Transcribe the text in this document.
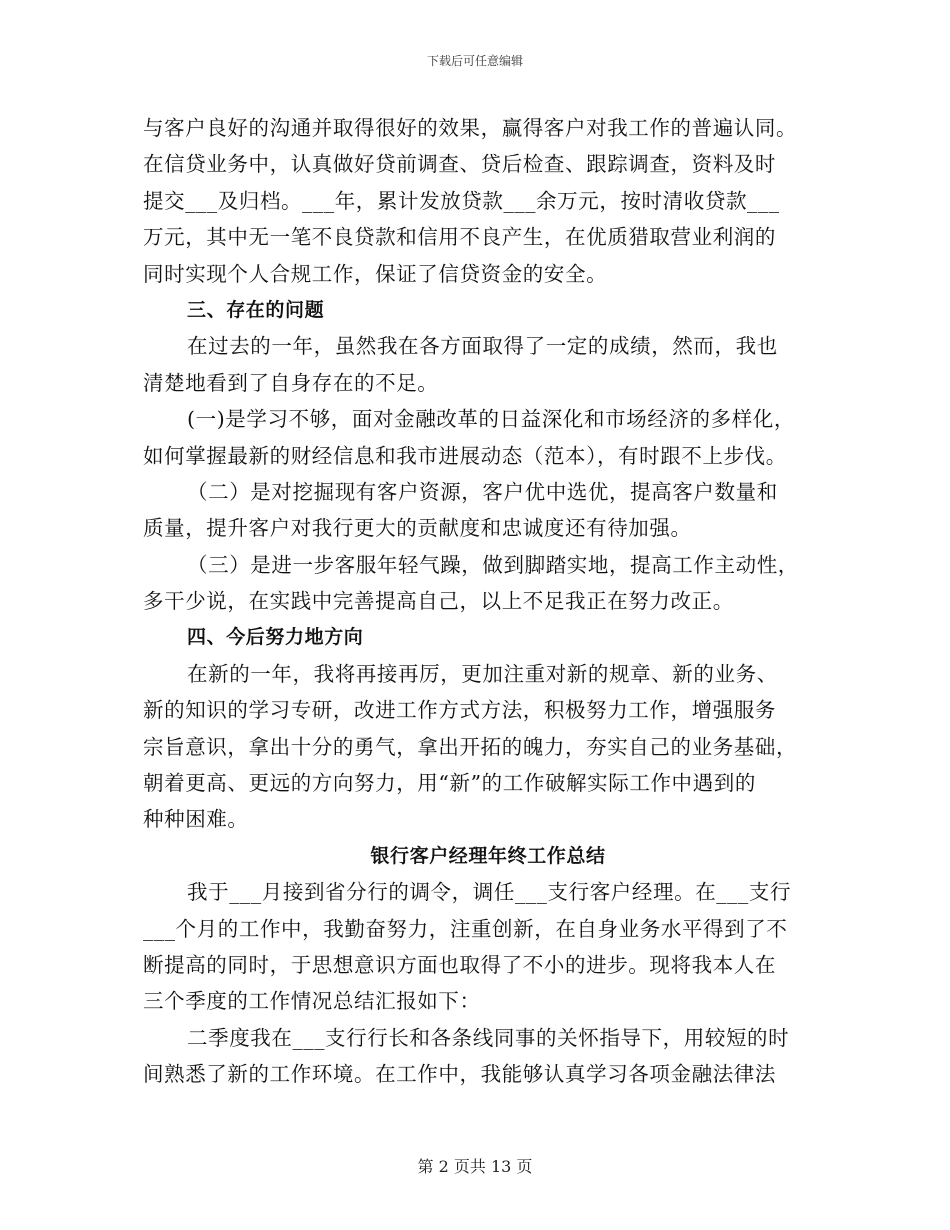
下载后可任意编辑
与客户良好的沟通并取得很好的效果，赢得客户对我工作的普遍认同。
在信贷业务中，认真做好贷前调查、贷后检查、跟踪调查，资料及时
提交___及归档。___年，累计发放贷款___余万元，按时清收贷款___
万元，其中无一笔不良贷款和信用不良产生，在优质猎取营业利润的
同时实现个人合规工作，保证了信贷资金的安全。
三、存在的问题
在过去的一年，虽然我在各方面取得了一定的成绩，然而，我也
清楚地看到了自身存在的不足。
(一)是学习不够，面对金融改革的日益深化和市场经济的多样化，
如何掌握最新的财经信息和我市进展动态（范本），有时跟不上步伐。
（二）是对挖掘现有客户资源，客户优中选优，提高客户数量和
质量，提升客户对我行更大的贡献度和忠诚度还有待加强。
（三）是进一步客服年轻气躁，做到脚踏实地，提高工作主动性，
多干少说，在实践中完善提高自己，以上不足我正在努力改正。
四、今后努力地方向
在新的一年，我将再接再厉，更加注重对新的规章、新的业务、
新的知识的学习专研，改进工作方式方法，积极努力工作，增强服务
宗旨意识，拿出十分的勇气，拿出开拓的魄力，夯实自己的业务基础，
朝着更高、更远的方向努力，用“新”的工作破解实际工作中遇到的
种种困难。
银行客户经理年终工作总结
我于___月接到省分行的调令，调任___支行客户经理。在___支行
___个月的工作中，我勤奋努力，注重创新，在自身业务水平得到了不
断提高的同时，于思想意识方面也取得了不小的进步。现将我本人在
三个季度的工作情况总结汇报如下：
二季度我在___支行行长和各条线同事的关怀指导下，用较短的时
间熟悉了新的工作环境。在工作中，我能够认真学习各项金融法律法
第 2 页共 13 页
